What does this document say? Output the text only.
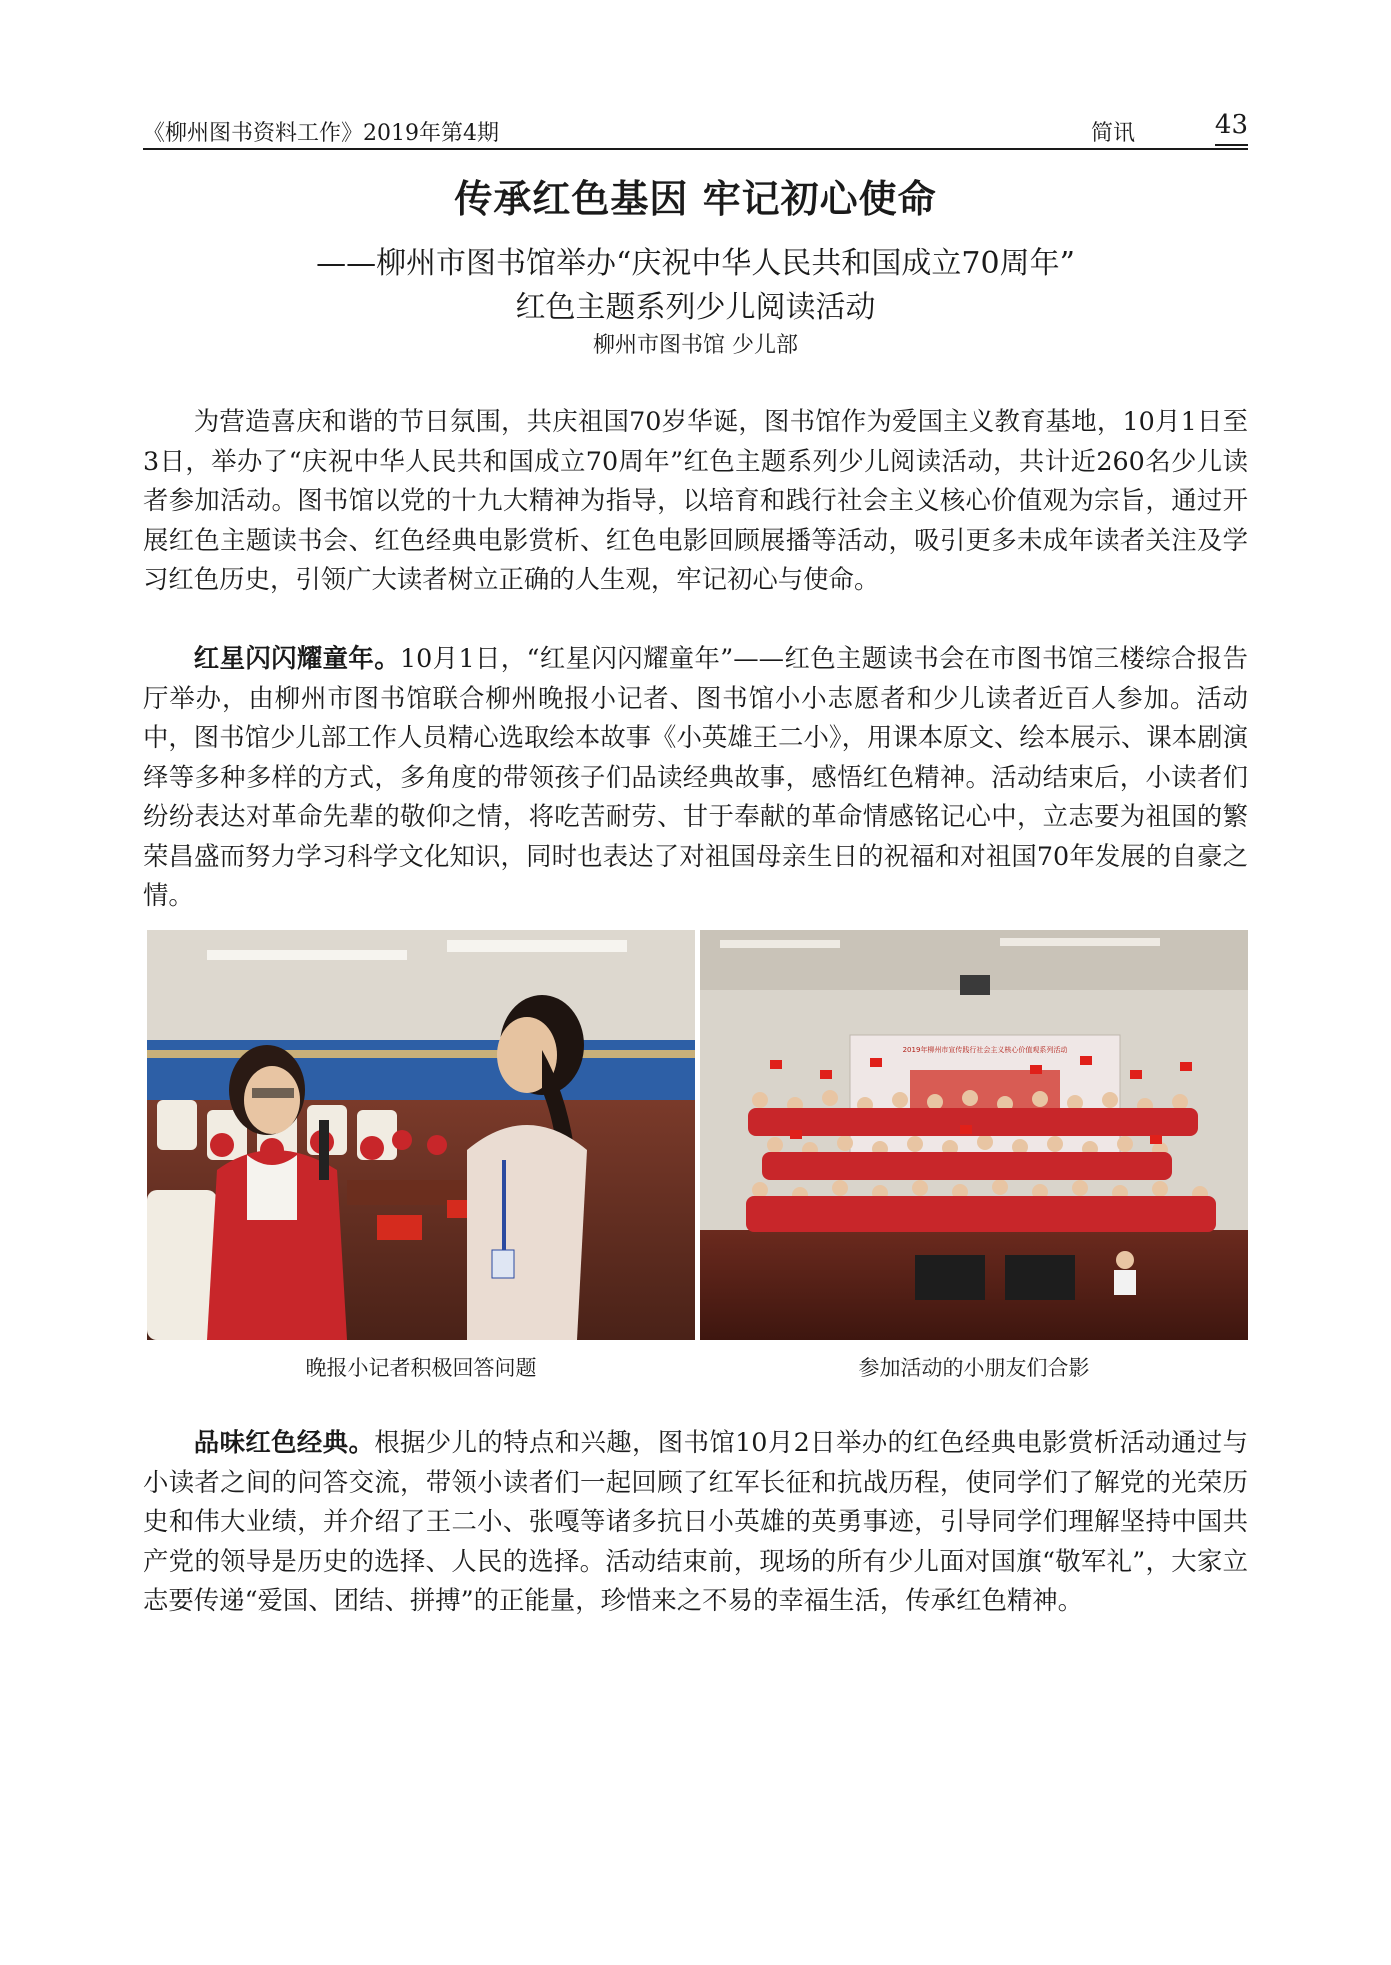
《柳州图书资料工作》2019年第4期	简讯	43
传承红色基因 牢记初心使命
——柳州市图书馆举办“庆祝中华人民共和国成立70周年”
红色主题系列少儿阅读活动
柳州市图书馆 少儿部

为营造喜庆和谐的节日氛围，共庆祖国70岁华诞，图书馆作为爱国主义教育基地，10月1日至3日，举办了“庆祝中华人民共和国成立70周年”红色主题系列少儿阅读活动，共计近260名少儿读者参加活动。图书馆以党的十九大精神为指导，以培育和践行社会主义核心价值观为宗旨，通过开展红色主题读书会、红色经典电影赏析、红色电影回顾展播等活动，吸引更多未成年读者关注及学习红色历史，引领广大读者树立正确的人生观，牢记初心与使命。

红星闪闪耀童年。10月1日，“红星闪闪耀童年”——红色主题读书会在市图书馆三楼综合报告厅举办，由柳州市图书馆联合柳州晚报小记者、图书馆小小志愿者和少儿读者近百人参加。活动中，图书馆少儿部工作人员精心选取绘本故事《小英雄王二小》，用课本原文、绘本展示、课本剧演绎等多种多样的方式，多角度的带领孩子们品读经典故事，感悟红色精神。活动结束后，小读者们纷纷表达对革命先辈的敬仰之情，将吃苦耐劳、甘于奉献的革命情感铭记心中，立志要为祖国的繁荣昌盛而努力学习科学文化知识，同时也表达了对祖国母亲生日的祝福和对祖国70年发展的自豪之情。

2019年柳州市宣传践行社会主义核心价值观系列活动
晚报小记者积极回答问题	参加活动的小朋友们合影

品味红色经典。根据少儿的特点和兴趣，图书馆10月2日举办的红色经典电影赏析活动通过与小读者之间的问答交流，带领小读者们一起回顾了红军长征和抗战历程，使同学们了解党的光荣历史和伟大业绩，并介绍了王二小、张嘎等诸多抗日小英雄的英勇事迹，引导同学们理解坚持中国共产党的领导是历史的选择、人民的选择。活动结束前，现场的所有少儿面对国旗“敬军礼”，大家立志要传递“爱国、团结、拼搏”的正能量，珍惜来之不易的幸福生活，传承红色精神。
